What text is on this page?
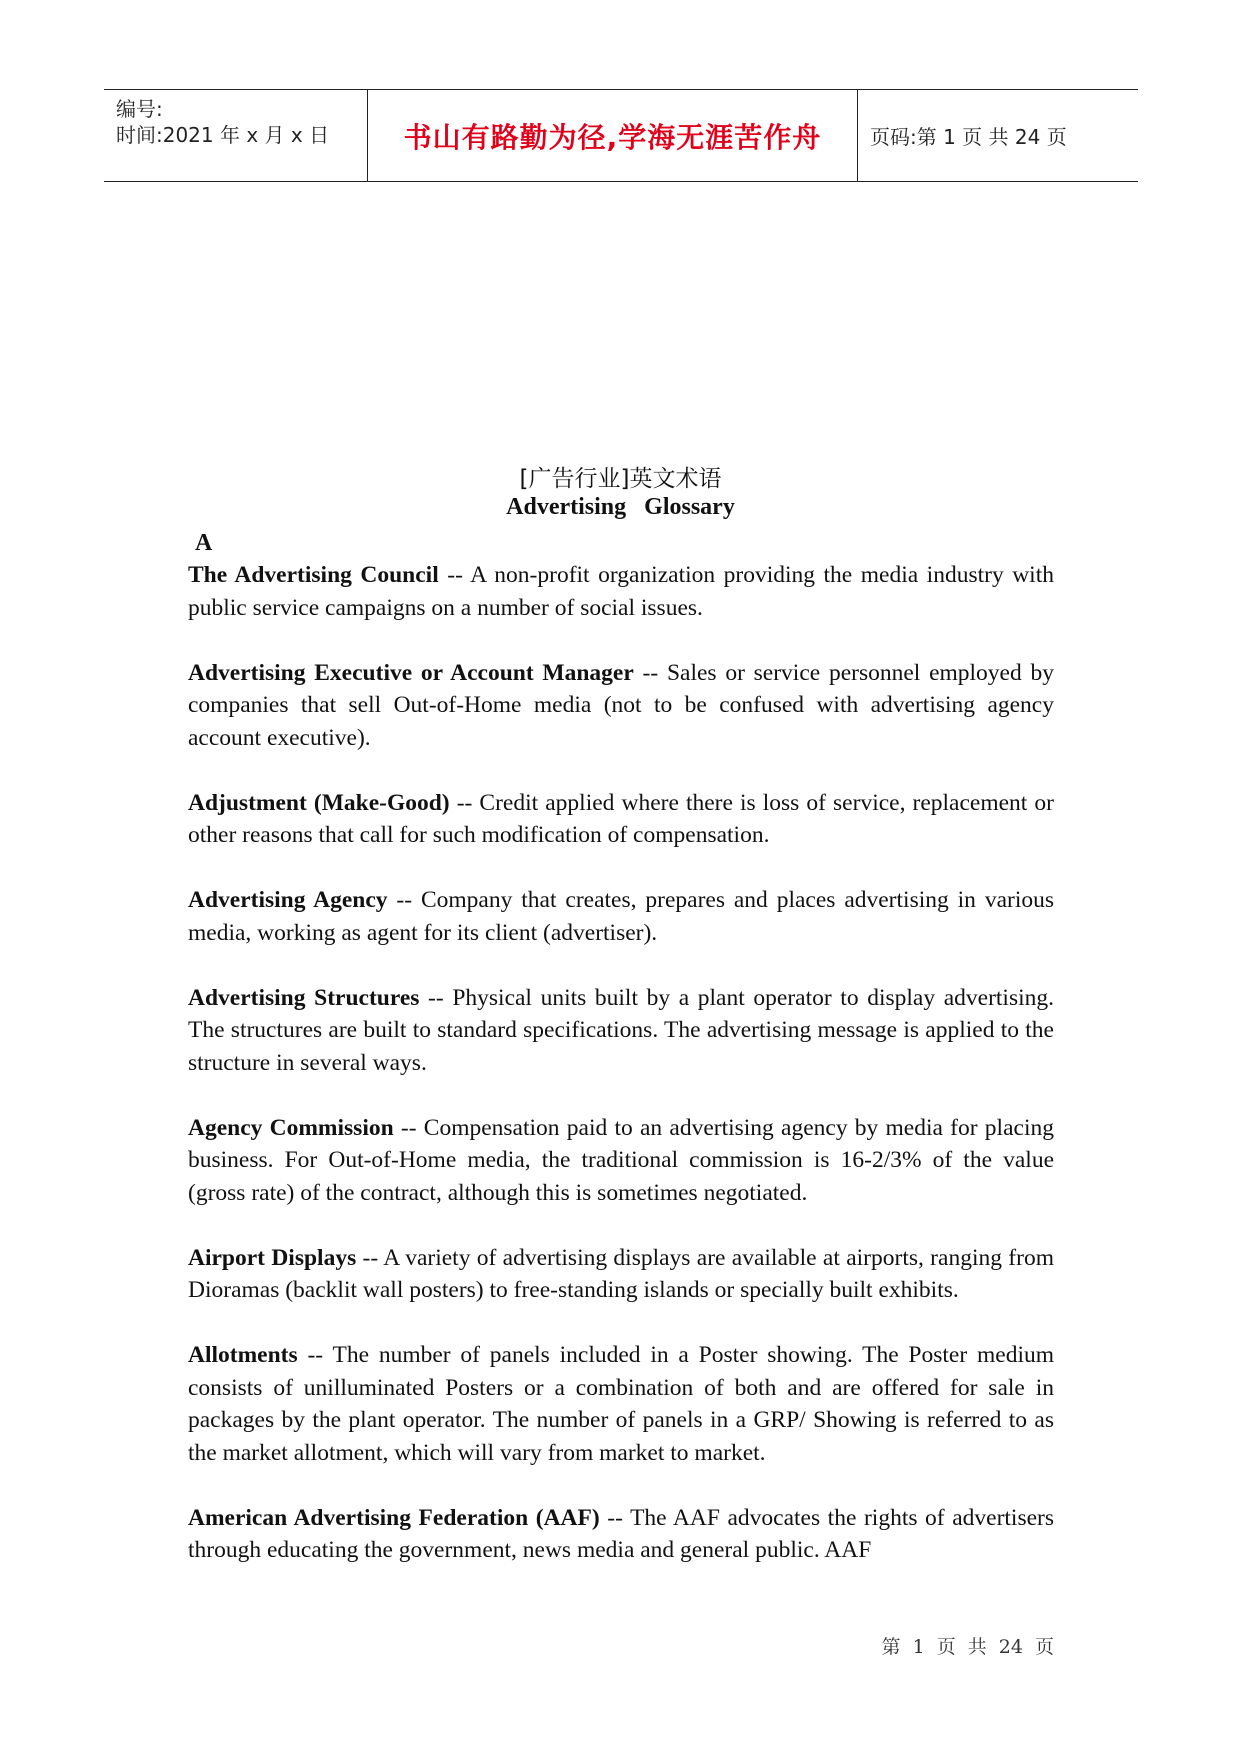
编号:
时间:2021 年 x 月 x 日	书山有路勤为径,学海无涯苦作舟 页码:第 1 页 共 24 页
[广告行业]英文术语
Advertising Glossary
A

The Advertising Council -- A non-profit organization providing the media industry with public service campaigns on a number of social issues.

Advertising Executive or Account Manager -- Sales or service personnel employed by companies that sell Out-of-Home media (not to be confused with advertising agency account executive).

Adjustment (Make-Good) -- Credit applied where there is loss of service, replacement or other reasons that call for such modification of compensation.

Advertising Agency -- Company that creates, prepares and places advertising in various media, working as agent for its client (advertiser).

Advertising Structures -- Physical units built by a plant operator to display advertising. The structures are built to standard specifications. The advertising message is applied to the structure in several ways.

Agency Commission -- Compensation paid to an advertising agency by media for placing business. For Out-of-Home media, the traditional commission is 16-2/3% of the value (gross rate) of the contract, although this is sometimes negotiated.

Airport Displays -- A variety of advertising displays are available at airports, ranging from Dioramas (backlit wall posters) to free-standing islands or specially built exhibits.

Allotments -- The number of panels included in a Poster showing. The Poster medium consists of unilluminated Posters or a combination of both and are offered for sale in packages by the plant operator. The number of panels in a GRP/ Showing is referred to as the market allotment, which will vary from market to market.

American Advertising Federation (AAF) -- The AAF advocates the rights of advertisers through educating the government, news media and general public. AAF

第 1 页 共 24 页
